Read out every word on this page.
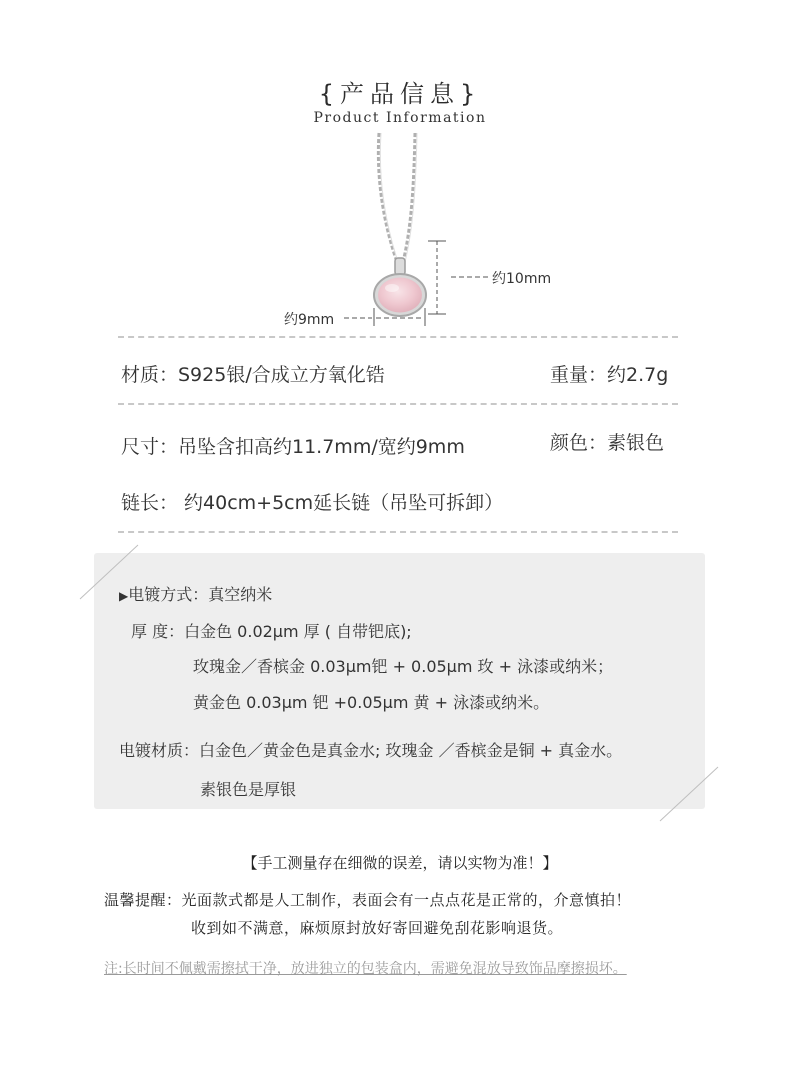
{产品信息}
Product Information
约10mm
约9mm
材质：S925银/合成立方氧化锆	重量：约2.7g
尺寸：吊坠含扣高约11.7mm/宽约9mm	颜色：素银色
链长： 约40cm+5cm延长链（吊坠可拆卸）
▶电镀方式：真空纳米
厚 度：白金色 0.02μm 厚 ( 自带钯底);
玫瑰金／香槟金 0.03μm钯 + 0.05μm 玫 + 泳漆或纳米；
黄金色 0.03μm 钯 +0.05μm 黄 + 泳漆或纳米。
电镀材质：白金色／黄金色是真金水; 玫瑰金 ／香槟金是铜 + 真金水。
素银色是厚银
【手工测量存在细微的误差，请以实物为准！】
温馨提醒：光面款式都是人工制作，表面会有一点点花是正常的，介意慎拍！
收到如不满意，麻烦原封放好寄回避免刮花影响退货。
注:长时间不佩戴需擦拭干净，放进独立的包装盒内，需避免混放导致饰品摩擦损坏。
